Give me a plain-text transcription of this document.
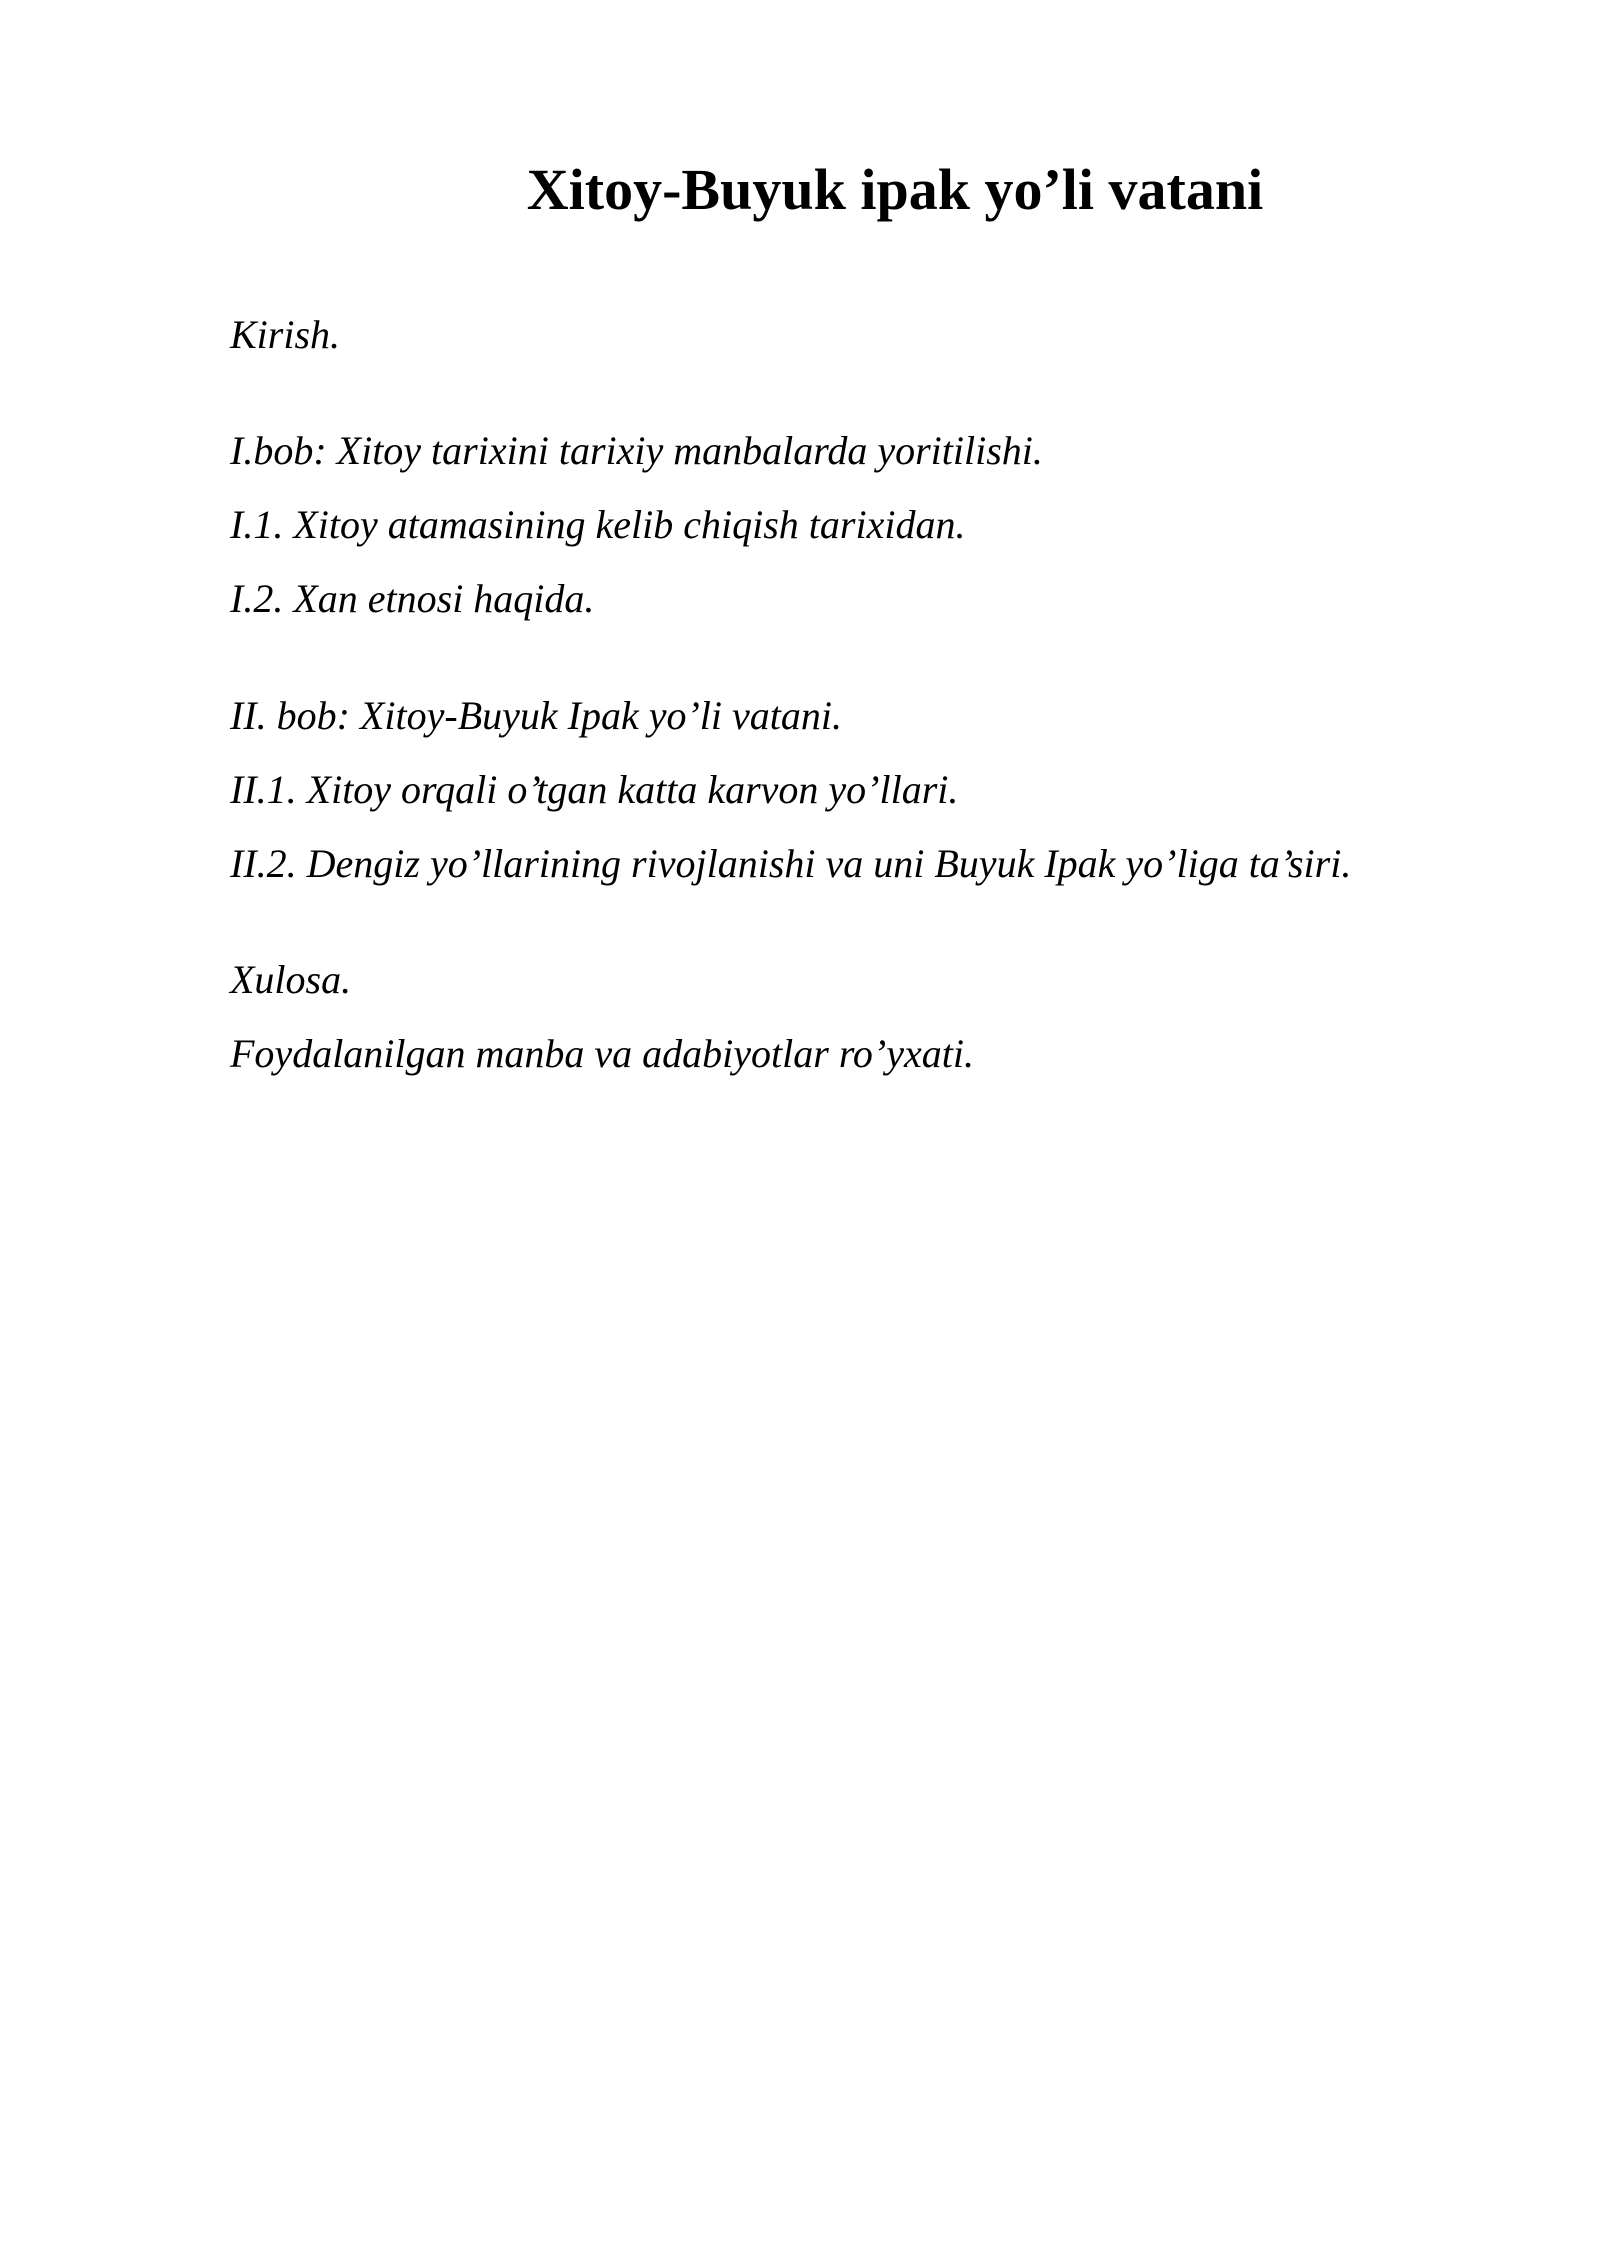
Xitoy-Buyuk ipak yo’li vatani
Kirish.
I.bob: Xitoy tarixini tarixiy manbalarda yoritilishi.
I.1. Xitoy atamasining kelib chiqish tarixidan.
I.2. Xan etnosi haqida.
II. bob: Xitoy-Buyuk Ipak yo’li vatani.
II.1. Xitoy orqali o’tgan katta karvon yo’llari.
II.2. Dengiz yo’llarining rivojlanishi va uni Buyuk Ipak yo’liga ta’siri.
Xulosa.
Foydalanilgan manba va adabiyotlar ro’yxati.
